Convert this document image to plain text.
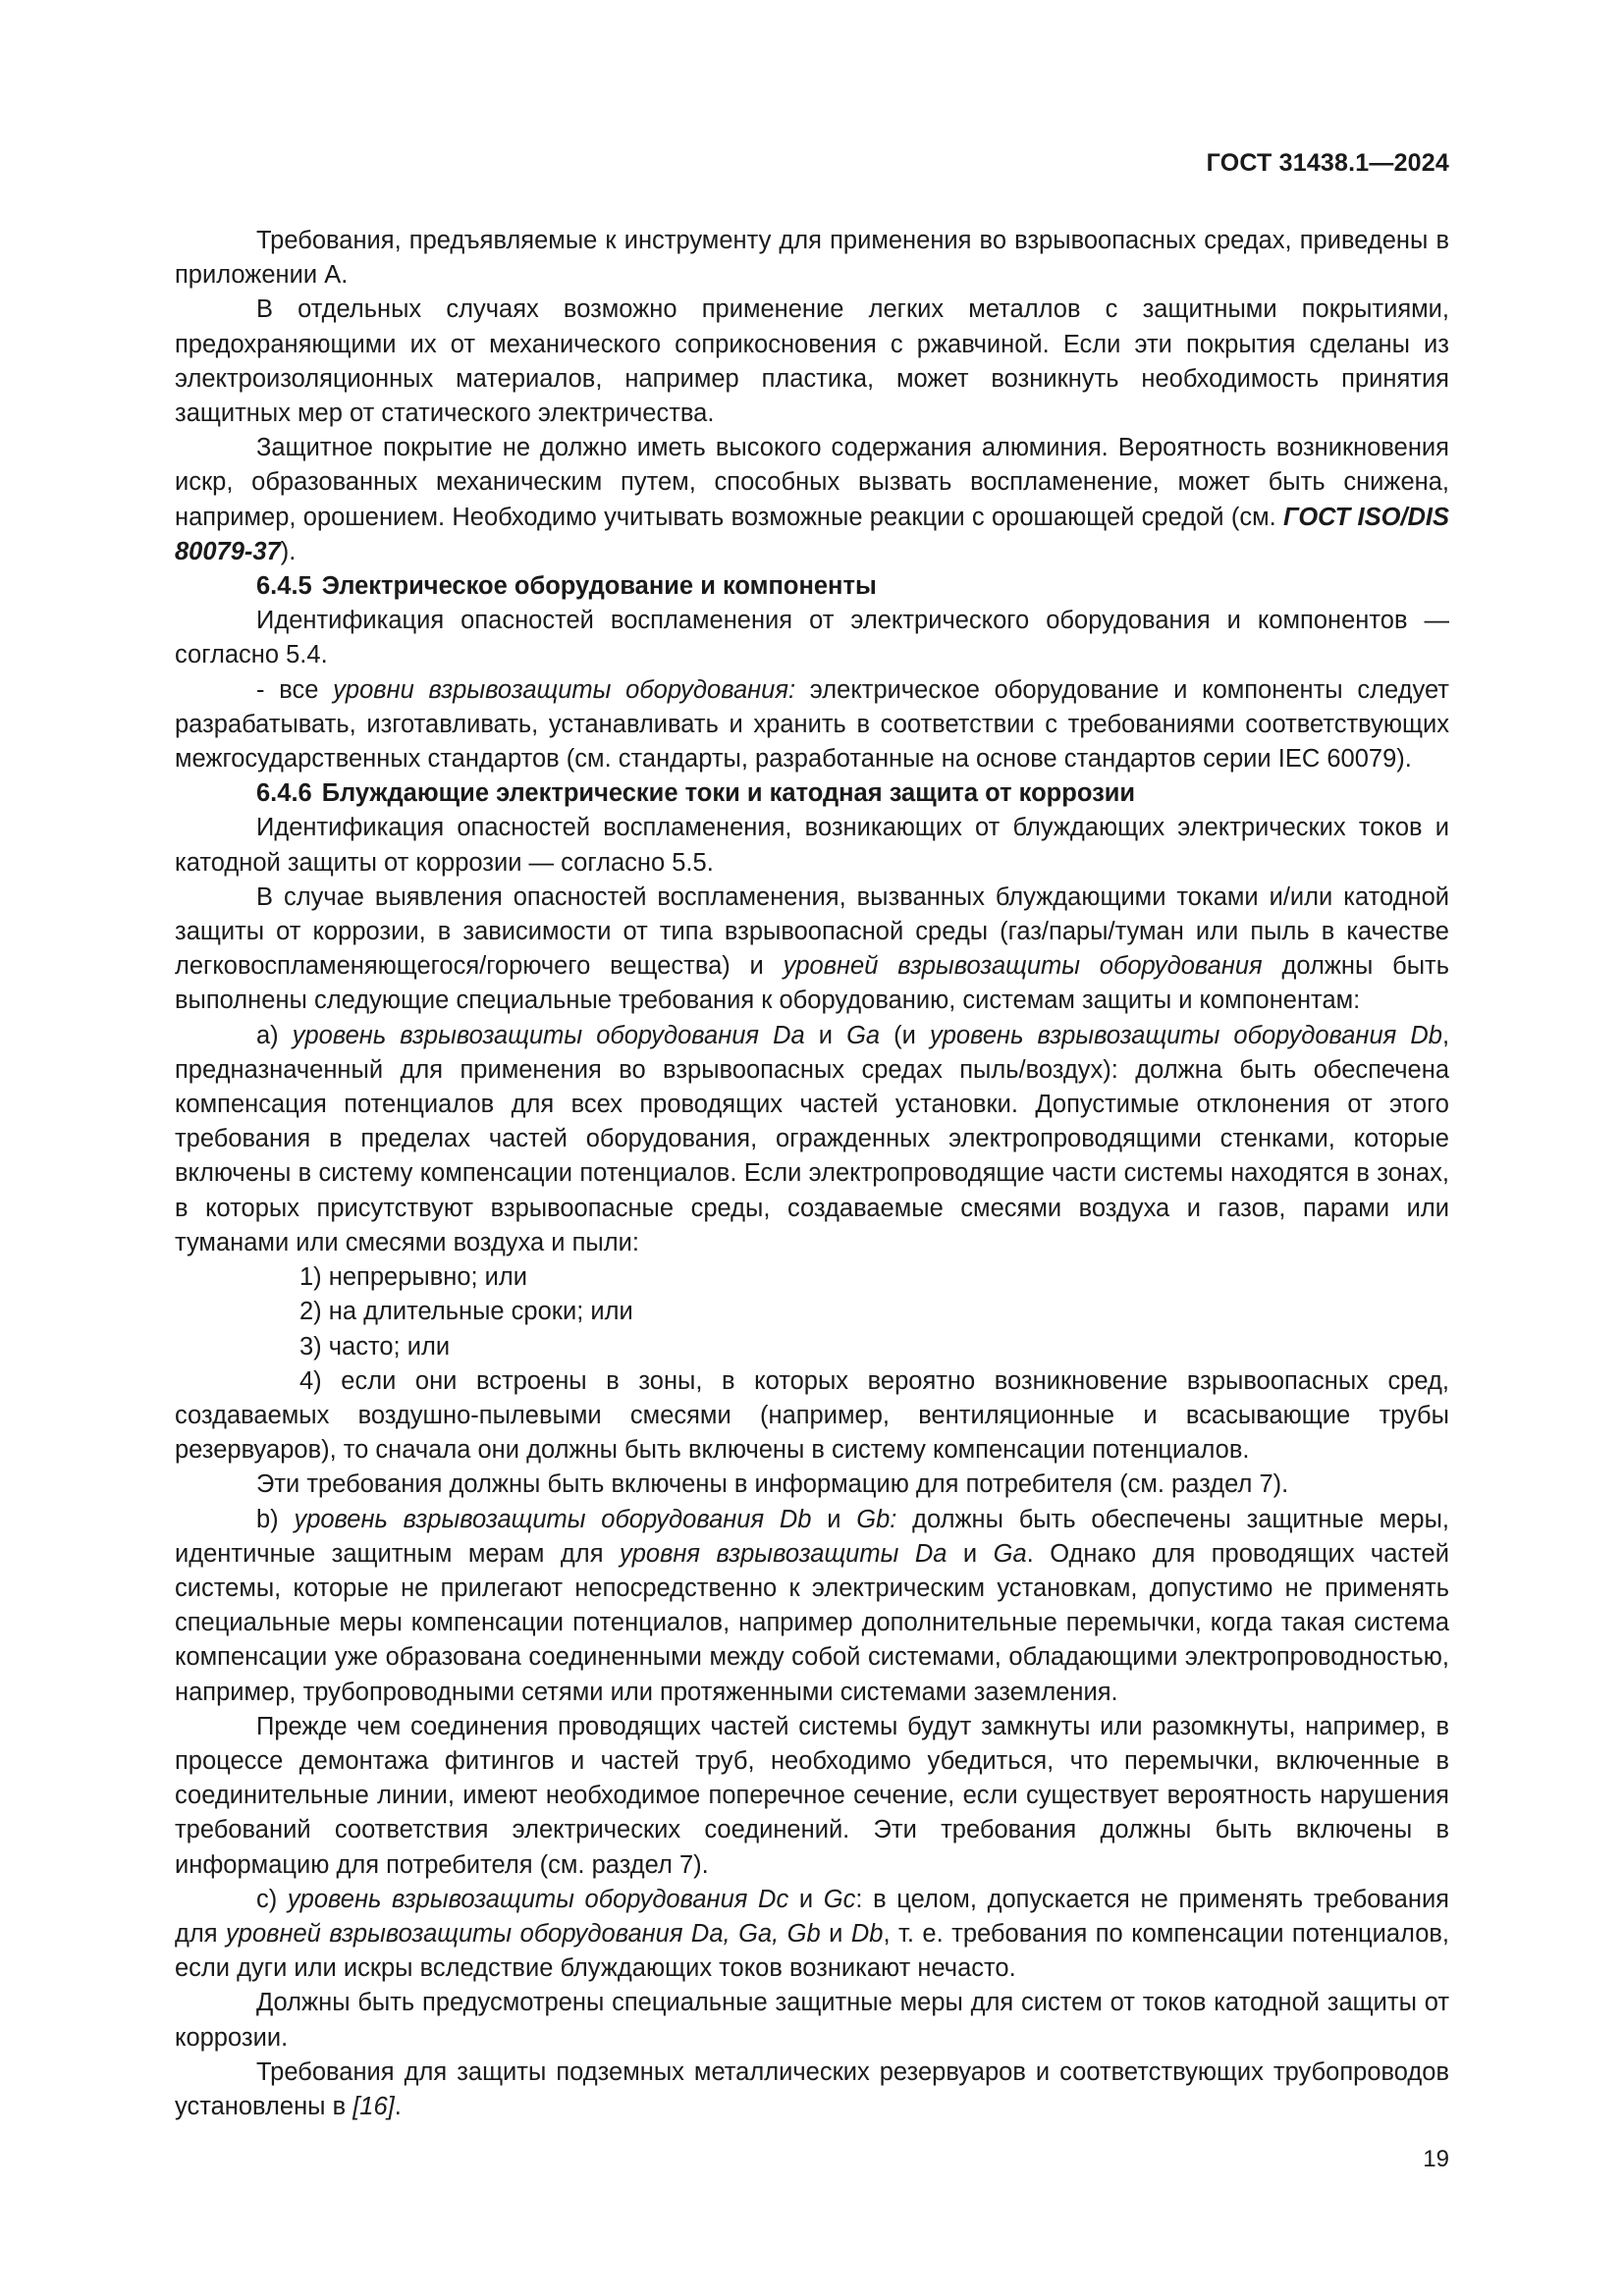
ГОСТ 31438.1—2024

Требования, предъявляемые к инструменту для применения во взрывоопасных средах, приведены в приложении А.

В отдельных случаях возможно применение легких металлов с защитными покрытиями, предохраняющими их от механического соприкосновения с ржавчиной. Если эти покрытия сделаны из электроизоляционных материалов, например пластика, может возникнуть необходимость принятия защитных мер от статического электричества.

Защитное покрытие не должно иметь высокого содержания алюминия. Вероятность возникновения искр, образованных механическим путем, способных вызвать воспламенение, может быть снижена, например, орошением. Необходимо учитывать возможные реакции с орошающей средой (см. ГОСТ ISO/DIS 80079-37).

6.4.5 Электрическое оборудование и компоненты

Идентификация опасностей воспламенения от электрического оборудования и компонентов — согласно 5.4.

- все уровни взрывозащиты оборудования: электрическое оборудование и компоненты следует разрабатывать, изготавливать, устанавливать и хранить в соответствии с требованиями соответствующих межгосударственных стандартов (см. стандарты, разработанные на основе стандартов серии IEC 60079).

6.4.6 Блуждающие электрические токи и катодная защита от коррозии

Идентификация опасностей воспламенения, возникающих от блуждающих электрических токов и катодной защиты от коррозии — согласно 5.5.

В случае выявления опасностей воспламенения, вызванных блуждающими токами и/или катодной защиты от коррозии, в зависимости от типа взрывоопасной среды (газ/пары/туман или пыль в качестве легковоспламеняющегося/горючего вещества) и уровней взрывозащиты оборудования должны быть выполнены следующие специальные требования к оборудованию, системам защиты и компонентам:

а) уровень взрывозащиты оборудования Da и Ga (и уровень взрывозащиты оборудования Db, предназначенный для применения во взрывоопасных средах пыль/воздух): должна быть обеспечена компенсация потенциалов для всех проводящих частей установки. Допустимые отклонения от этого требования в пределах частей оборудования, огражденных электропроводящими стенками, которые включены в систему компенсации потенциалов. Если электропроводящие части системы находятся в зонах, в которых присутствуют взрывоопасные среды, создаваемые смесями воздуха и газов, парами или туманами или смесями воздуха и пыли:

1) непрерывно; или

2) на длительные сроки; или

3) часто; или

4) если они встроены в зоны, в которых вероятно возникновение взрывоопасных сред, создаваемых воздушно-пылевыми смесями (например, вентиляционные и всасывающие трубы резервуаров), то сначала они должны быть включены в систему компенсации потенциалов.

Эти требования должны быть включены в информацию для потребителя (см. раздел 7).

b) уровень взрывозащиты оборудования Db и Gb: должны быть обеспечены защитные меры, идентичные защитным мерам для уровня взрывозащиты Da и Ga. Однако для проводящих частей системы, которые не прилегают непосредственно к электрическим установкам, допустимо не применять специальные меры компенсации потенциалов, например дополнительные перемычки, когда такая система компенсации уже образована соединенными между собой системами, обладающими электропроводностью, например, трубопроводными сетями или протяженными системами заземления.

Прежде чем соединения проводящих частей системы будут замкнуты или разомкнуты, например, в процессе демонтажа фитингов и частей труб, необходимо убедиться, что перемычки, включенные в соединительные линии, имеют необходимое поперечное сечение, если существует вероятность нарушения требований соответствия электрических соединений. Эти требования должны быть включены в информацию для потребителя (см. раздел 7).

c) уровень взрывозащиты оборудования Dc и Gc: в целом, допускается не применять требования для уровней взрывозащиты оборудования Da, Ga, Gb и Db, т. е. требования по компенсации потенциалов, если дуги или искры вследствие блуждающих токов возникают нечасто.

Должны быть предусмотрены специальные защитные меры для систем от токов катодной защиты от коррозии.

Требования для защиты подземных металлических резервуаров и соответствующих трубопроводов установлены в [16].

19
